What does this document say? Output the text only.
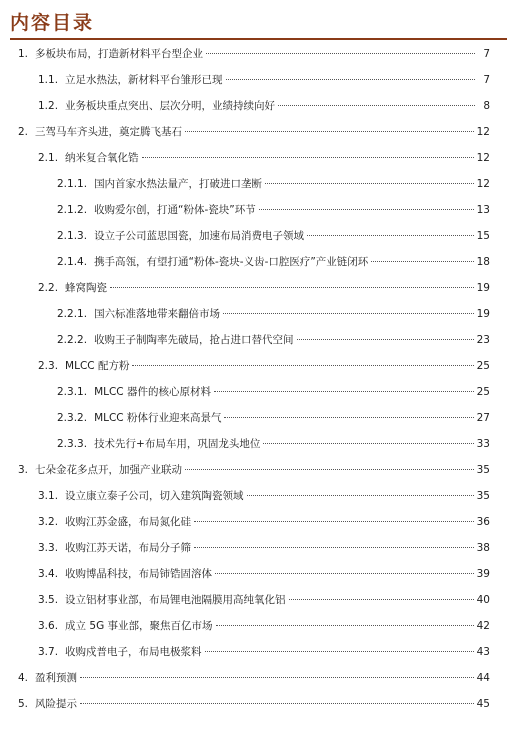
内容目录
1. 多板块布局，打造新材料平台型企业	7
1.1. 立足水热法，新材料平台雏形已现	7
1.2. 业务板块重点突出、层次分明，业绩持续向好	8
2. 三驾马车齐头进，奠定腾飞基石	12
2.1. 纳米复合氧化锆	12
2.1.1. 国内首家水热法量产，打破进口垄断	12
2.1.2. 收购爱尔创，打通“粉体-瓷块”环节	13
2.1.3. 设立子公司蓝思国瓷，加速布局消费电子领域	15
2.1.4. 携手高瓴，有望打通“粉体-瓷块-义齿-口腔医疗”产业链闭环	18
2.2. 蜂窝陶瓷	19
2.2.1. 国六标准落地带来翻倍市场	19
2.2.2. 收购王子制陶率先破局，抢占进口替代空间	23
2.3. MLCC 配方粉	25
2.3.1. MLCC 器件的核心原材料	25
2.3.2. MLCC 粉体行业迎来高景气	27
2.3.3. 技术先行+布局车用，巩固龙头地位	33
3. 七朵金花多点开，加强产业联动	35
3.1. 设立康立泰子公司，切入建筑陶瓷领域	35
3.2. 收购江苏金盛，布局氮化硅	36
3.3. 收购江苏天诺，布局分子筛	38
3.4. 收购博晶科技，布局铈锆固溶体	39
3.5. 设立铝材事业部，布局锂电池隔膜用高纯氧化铝	40
3.6. 成立 5G 事业部，聚焦百亿市场	42
3.7. 收购戍普电子，布局电极浆料	43
4. 盈利预测	44
5. 风险提示	45
